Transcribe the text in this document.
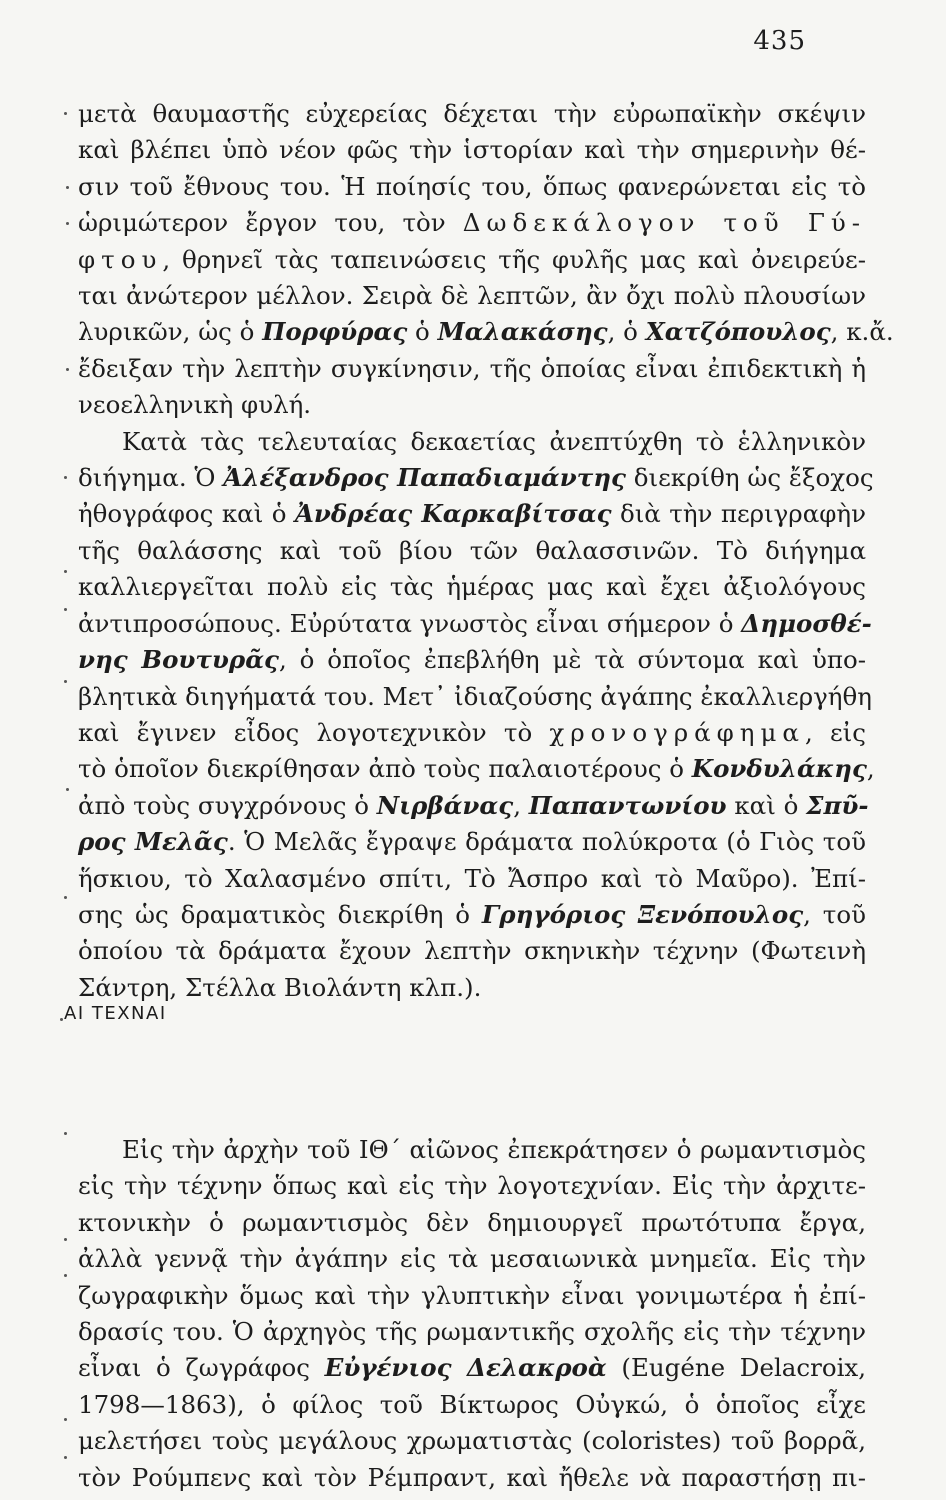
435
μετὰ θαυμαστῆς εὐχερείας δέχεται τὴν εὐρωπαϊκὴν σκέψιν
καὶ βλέπει ὑπὸ νέον φῶς τὴν ἱστορίαν καὶ τὴν σημερινὴν θέ-
σιν τοῦ ἔθνους του. Ἡ ποίησίς του, ὅπως φανερώνεται εἰς τὸ
ὡριμώτερον ἔργον του, τὸν Δωδεκάλογον τοῦ Γύ-
φτου, θρηνεῖ τὰς ταπεινώσεις τῆς φυλῆς μας καὶ ὀνειρεύε-
ται ἀνώτερον μέλλον. Σειρὰ δὲ λεπτῶν, ἂν ὄχι πολὺ πλουσίων
λυρικῶν, ὡς ὁ Πορφύρας ὁ Μαλακάσης, ὁ Χατζόπουλος, κ.ἄ.
ἔδειξαν τὴν λεπτὴν συγκίνησιν, τῆς ὁποίας εἶναι ἐπιδεκτικὴ ἡ
νεοελληνικὴ φυλή.
Κατὰ τὰς τελευταίας δεκαετίας ἀνεπτύχθη τὸ ἑλληνικὸν
διήγημα. Ὁ Ἀλέξανδρος Παπαδιαμάντης διεκρίθη ὡς ἔξοχος
ἠθογράφος καὶ ὁ Ἀνδρέας Καρκαβίτσας διὰ τὴν περιγραφὴν
τῆς θαλάσσης καὶ τοῦ βίου τῶν θαλασσινῶν. Τὸ διήγημα
καλλιεργεῖται πολὺ εἰς τὰς ἡμέρας μας καὶ ἔχει ἀξιολόγους
ἀντιπροσώπους. Εὐρύτατα γνωστὸς εἶναι σήμερον ὁ Δημοσθέ-
νης Βουτυρᾶς, ὁ ὁποῖος ἐπεβλήθη μὲ τὰ σύντομα καὶ ὑπο-
βλητικὰ διηγήματά του. Μετ᾽ ἰδιαζούσης ἀγάπης ἐκαλλιεργήθη
καὶ ἔγινεν εἶδος λογοτεχνικὸν τὸ χρονογράφημα, εἰς
τὸ ὁποῖον διεκρίθησαν ἀπὸ τοὺς παλαιοτέρους ὁ Κονδυλάκης,
ἀπὸ τοὺς συγχρόνους ὁ Νιρβάνας, Παπαντωνίου καὶ ὁ Σπῦ-
ρος Μελᾶς. Ὁ Μελᾶς ἔγραψε δράματα πολύκροτα (ὁ Γιὸς τοῦ
ἥσκιου, τὸ Χαλασμένο σπίτι, Τὸ Ἄσπρο καὶ τὸ Μαῦρο). Ἐπί-
σης ὡς δραματικὸς διεκρίθη ὁ Γρηγόριος Ξενόπουλος, τοῦ
ὁποίου τὰ δράματα ἔχουν λεπτὴν σκηνικὴν τέχνην (Φωτεινὴ
Σάντρη, Στέλλα Βιολάντη κλπ.).
ΑΙ ΤΕΧΝΑΙ
Εἰς τὴν ἀρχὴν τοῦ ΙΘ´ αἰῶνος ἐπεκράτησεν ὁ ρωμαντισμὸς
εἰς τὴν τέχνην ὅπως καὶ εἰς τὴν λογοτεχνίαν. Εἰς τὴν ἀρχιτε-
κτονικὴν ὁ ρωμαντισμὸς δὲν δημιουργεῖ πρωτότυπα ἔργα,
ἀλλὰ γεννᾷ τὴν ἀγάπην εἰς τὰ μεσαιωνικὰ μνημεῖα. Εἰς τὴν
ζωγραφικὴν ὅμως καὶ τὴν γλυπτικὴν εἶναι γονιμωτέρα ἡ ἐπί-
δρασίς του. Ὁ ἀρχηγὸς τῆς ρωμαντικῆς σχολῆς εἰς τὴν τέχνην
εἶναι ὁ ζωγράφος Εὐγένιος Δελακροὰ (Eugéne Delacroix,
1798—1863), ὁ φίλος τοῦ Βίκτωρος Οὐγκώ, ὁ ὁποῖος εἶχε
μελετήσει τοὺς μεγάλους χρωματιστὰς (coloristes) τοῦ βορρᾶ,
τὸν Ρούμπενς καὶ τὸν Ρέμπραντ, καὶ ἤθελε νὰ παραστήσῃ πι-
